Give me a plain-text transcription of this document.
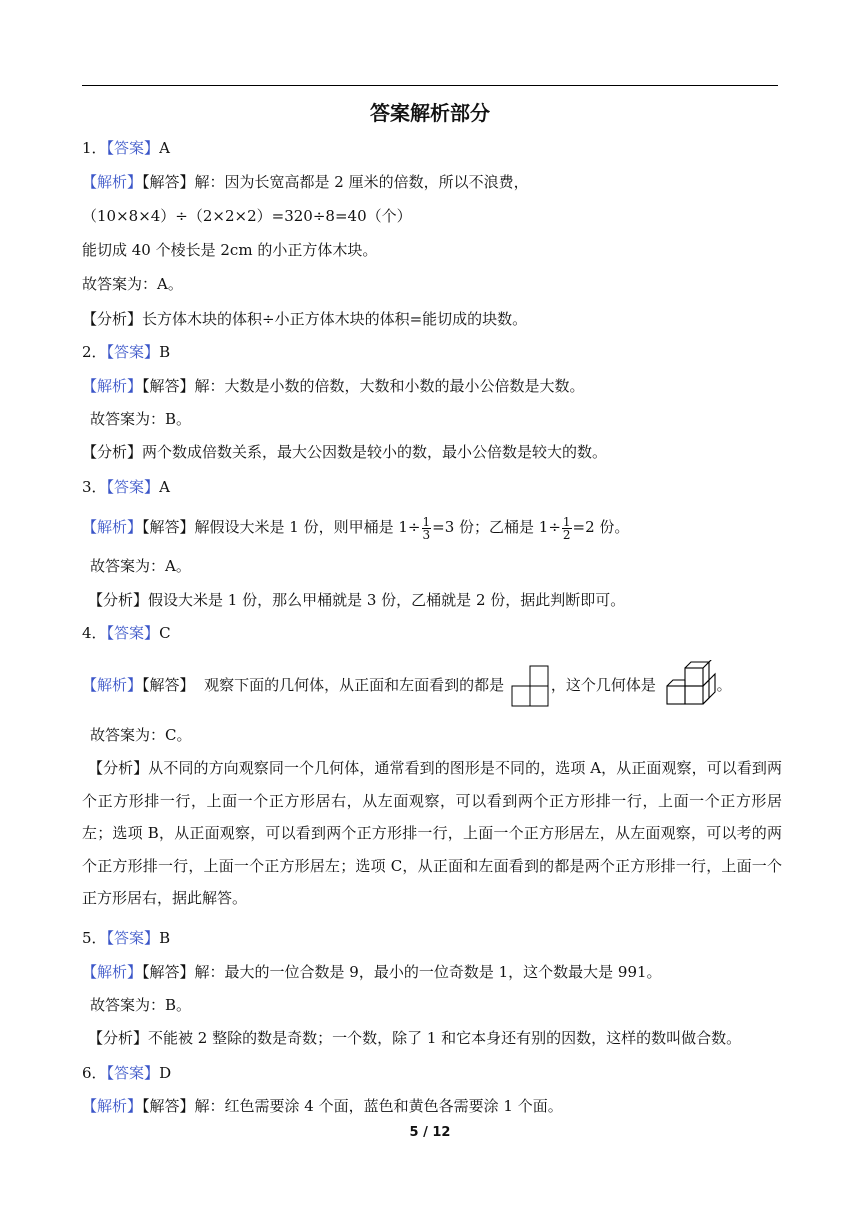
答案解析部分
1．【答案】A
【解析】【解答】解：因为长宽高都是 2 厘米的倍数，所以不浪费，
（10×8×4）÷（2×2×2）=320÷8=40（个）
能切成 40 个棱长是 2cm 的小正方体木块。
故答案为：A。
【分析】长方体木块的体积÷小正方体木块的体积=能切成的块数。
2．【答案】B
【解析】【解答】解：大数是小数的倍数，大数和小数的最小公倍数是大数。
故答案为：B。
【分析】两个数成倍数关系，最大公因数是较小的数，最小公倍数是较大的数。
3．【答案】A
【解析】【解答】解假设大米是 1 份，则甲桶是 $1\div \frac{1}{3} =3$ 份；乙桶是 $1\div \frac{1}{2} =2$ 份。
故答案为：A。
【分析】假设大米是 1 份，那么甲桶就是 3 份，乙桶就是 2 份，据此判断即可。
4．【答案】C
【解析】【解答】 观察下面的几何体，从正面和左面看到的都是	，这个几何体是	。
故答案为：C。
【分析】从不同的方向观察同一个几何体，通常看到的图形是不同的，选项 A，从正面观察，可以看到两个正方形排一行，上面一个正方形居右，从左面观察，可以看到两个正方形排一行，上面一个正方形居左；选项 B，从正面观察，可以看到两个正方形排一行，上面一个正方形居左，从左面观察，可以考的两个正方形排一行，上面一个正方形居左；选项 C，从正面和左面看到的都是两个正方形排一行，上面一个正方形居右，据此解答。
5．【答案】B
【解析】【解答】解：最大的一位合数是 9，最小的一位奇数是 1，这个数最大是 991。
故答案为：B。
【分析】不能被 2 整除的数是奇数；一个数，除了 1 和它本身还有别的因数，这样的数叫做合数。
6．【答案】D
【解析】【解答】解：红色需要涂 4 个面，蓝色和黄色各需要涂 1 个面。
5 / 12
